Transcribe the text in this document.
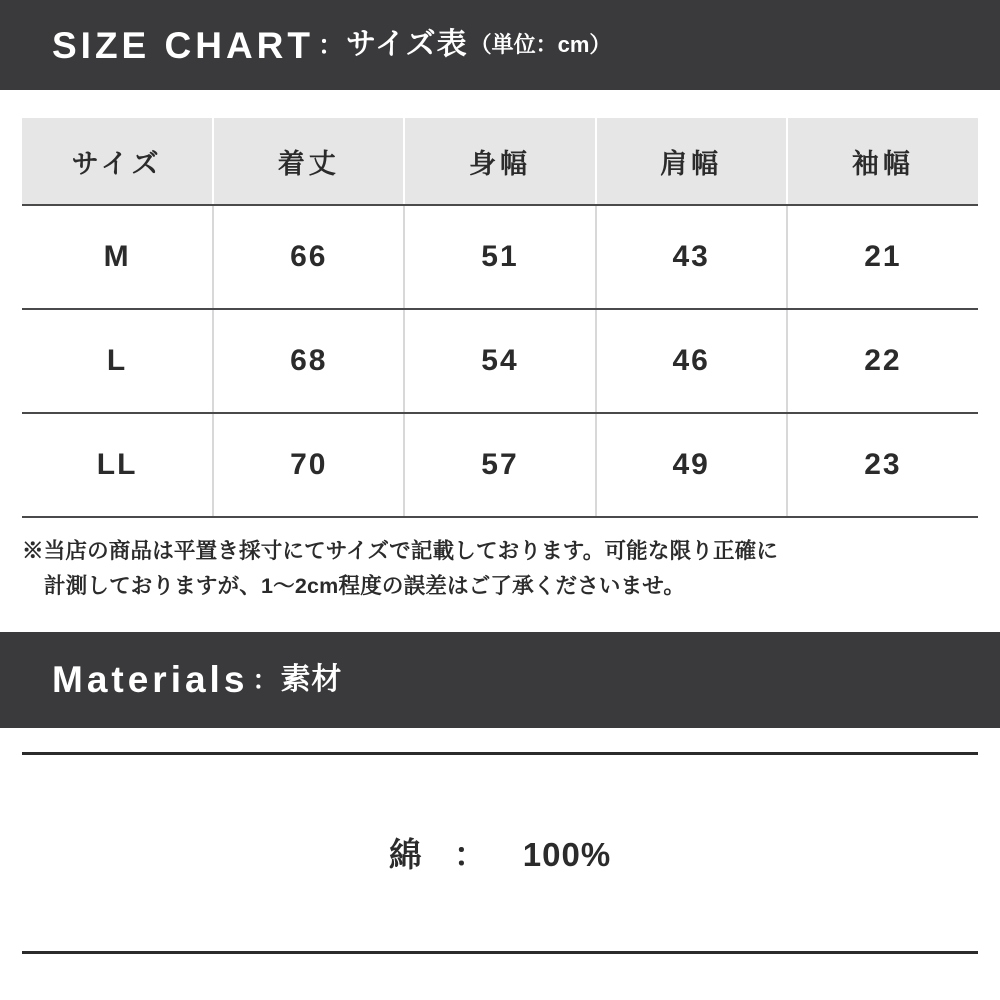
SIZE CHART ： サイズ表 （単位：cm）
サイズ	着丈	身幅	肩幅	袖幅
M	66	51	43	21
L	68	54	46	22
LL	70	57	49	23

※当店の商品は平置き採寸にてサイズで記載しております。可能な限り正確に

計測しておりますが、1〜2cm程度の誤差はご了承くださいませ。

Materials ： 素材
綿 ： 100%
